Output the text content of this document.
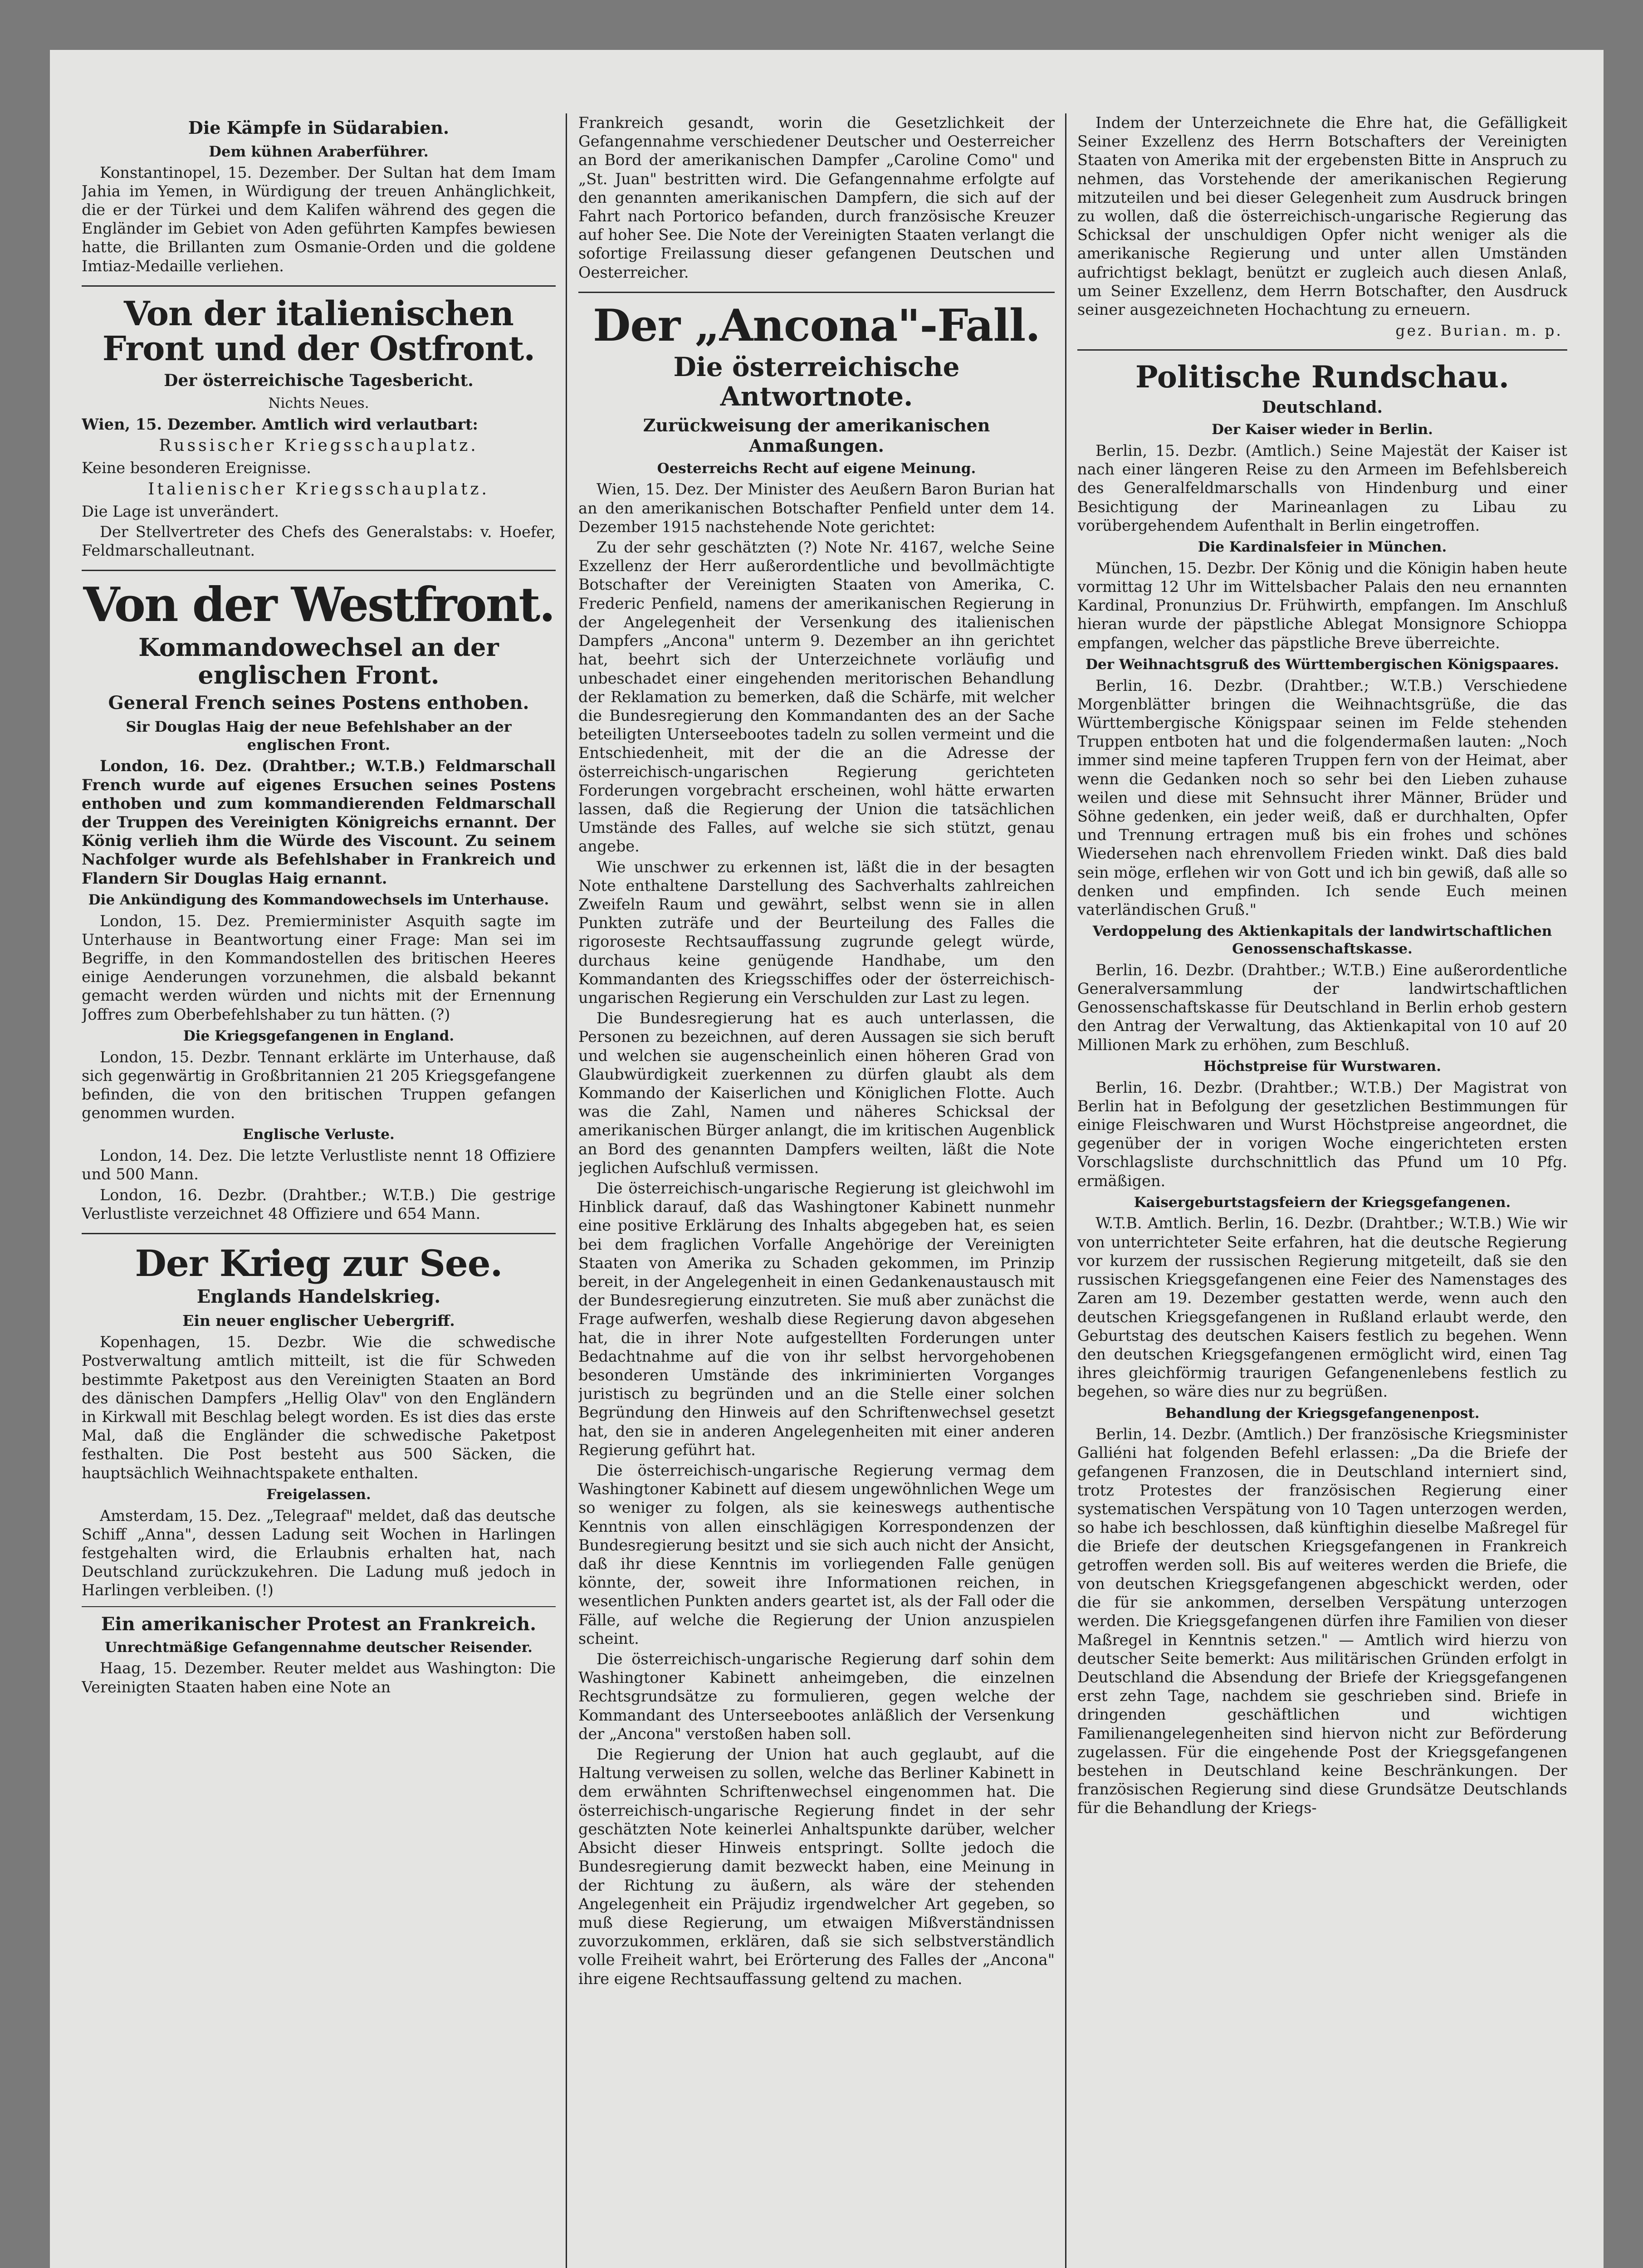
Die Kämpfe in Südarabien.
Dem kühnen Araberführer.

Konstantinopel, 15. Dezember. Der Sultan hat dem Imam Jahia im Yemen, in Würdigung der treuen Anhänglichkeit, die er der Türkei und dem Kalifen während des gegen die Engländer im Gebiet von Aden geführten Kampfes bewiesen hatte, die Brillanten zum Osmanie-Orden und die goldene Imtiaz-Medaille verliehen.

Von der italienischen Front und der Ostfront.
Der österreichische Tagesbericht.
Nichts Neues.

Wien, 15. Dezember. Amtlich wird verlautbart:

Russischer Kriegsschauplatz.

Keine besonderen Ereignisse.

Italienischer Kriegsschauplatz.

Die Lage ist unverändert.

Der Stellvertreter des Chefs des Generalstabs: v. Hoefer, Feldmarschalleutnant.

Von der Westfront.
Kommandowechsel an der englischen Front.
General French seines Postens enthoben.
Sir Douglas Haig der neue Befehlshaber an der englischen Front.

London, 16. Dez. (Drahtber.; W.T.B.) Feldmarschall French wurde auf eigenes Ersuchen seines Postens enthoben und zum kommandierenden Feldmarschall der Truppen des Vereinigten Königreichs ernannt. Der König verlieh ihm die Würde des Viscount. Zu seinem Nachfolger wurde als Befehlshaber in Frankreich und Flandern Sir Douglas Haig ernannt.

Die Ankündigung des Kommandowechsels im Unterhause.

London, 15. Dez. Premierminister Asquith sagte im Unterhause in Beantwortung einer Frage: Man sei im Begriffe, in den Kommandostellen des britischen Heeres einige Aenderungen vorzunehmen, die alsbald bekannt gemacht werden würden und nichts mit der Ernennung Joffres zum Oberbefehlshaber zu tun hätten. (?)

Die Kriegsgefangenen in England.

London, 15. Dezbr. Tennant erklärte im Unterhause, daß sich gegenwärtig in Großbritannien 21 205 Kriegsgefangene befinden, die von den britischen Truppen gefangen genommen wurden.

Englische Verluste.

London, 14. Dez. Die letzte Verlustliste nennt 18 Offiziere und 500 Mann.

London, 16. Dezbr. (Drahtber.; W.T.B.) Die gestrige Verlustliste verzeichnet 48 Offiziere und 654 Mann.

Der Krieg zur See.
Englands Handelskrieg.
Ein neuer englischer Uebergriff.

Kopenhagen, 15. Dezbr. Wie die schwedische Postverwaltung amtlich mitteilt, ist die für Schweden bestimmte Paketpost aus den Vereinigten Staaten an Bord des dänischen Dampfers „Hellig Olav" von den Engländern in Kirkwall mit Beschlag belegt worden. Es ist dies das erste Mal, daß die Engländer die schwedische Paketpost festhalten. Die Post besteht aus 500 Säcken, die hauptsächlich Weihnachtspakete enthalten.

Freigelassen.

Amsterdam, 15. Dez. „Telegraaf" meldet, daß das deutsche Schiff „Anna", dessen Ladung seit Wochen in Harlingen festgehalten wird, die Erlaubnis erhalten hat, nach Deutschland zurückzukehren. Die Ladung muß jedoch in Harlingen verbleiben. (!)

Ein amerikanischer Protest an Frankreich.
Unrechtmäßige Gefangennahme deutscher Reisender.

Haag, 15. Dezember. Reuter meldet aus Washington: Die Vereinigten Staaten haben eine Note an

Frankreich gesandt, worin die Gesetzlichkeit der Gefangennahme verschiedener Deutscher und Oesterreicher an Bord der amerikanischen Dampfer „Caroline Como" und „St. Juan" bestritten wird. Die Gefangennahme erfolgte auf den genannten amerikanischen Dampfern, die sich auf der Fahrt nach Portorico befanden, durch französische Kreuzer auf hoher See. Die Note der Vereinigten Staaten verlangt die sofortige Freilassung dieser gefangenen Deutschen und Oesterreicher.

Der „Ancona"-Fall.
Die österreichische Antwortnote.
Zurückweisung der amerikanischen Anmaßungen.
Oesterreichs Recht auf eigene Meinung.

Wien, 15. Dez. Der Minister des Aeußern Baron Burian hat an den amerikanischen Botschafter Penfield unter dem 14. Dezember 1915 nachstehende Note gerichtet:

Zu der sehr geschätzten (?) Note Nr. 4167, welche Seine Exzellenz der Herr außerordentliche und bevollmächtigte Botschafter der Vereinigten Staaten von Amerika, C. Frederic Penfield, namens der amerikanischen Regierung in der Angelegenheit der Versenkung des italienischen Dampfers „Ancona" unterm 9. Dezember an ihn gerichtet hat, beehrt sich der Unterzeichnete vorläufig und unbeschadet einer eingehenden meritorischen Behandlung der Reklamation zu bemerken, daß die Schärfe, mit welcher die Bundesregierung den Kommandanten des an der Sache beteiligten Unterseebootes tadeln zu sollen vermeint und die Entschiedenheit, mit der die an die Adresse der österreichisch-ungarischen Regierung gerichteten Forderungen vorgebracht erscheinen, wohl hätte erwarten lassen, daß die Regierung der Union die tatsächlichen Umstände des Falles, auf welche sie sich stützt, genau angebe.

Wie unschwer zu erkennen ist, läßt die in der besagten Note enthaltene Darstellung des Sachverhalts zahlreichen Zweifeln Raum und gewährt, selbst wenn sie in allen Punkten zuträfe und der Beurteilung des Falles die rigoroseste Rechtsauffassung zugrunde gelegt würde, durchaus keine genügende Handhabe, um den Kommandanten des Kriegsschiffes oder der österreichisch-ungarischen Regierung ein Verschulden zur Last zu legen.

Die Bundesregierung hat es auch unterlassen, die Personen zu bezeichnen, auf deren Aussagen sie sich beruft und welchen sie augenscheinlich einen höheren Grad von Glaubwürdigkeit zuerkennen zu dürfen glaubt als dem Kommando der Kaiserlichen und Königlichen Flotte. Auch was die Zahl, Namen und näheres Schicksal der amerikanischen Bürger anlangt, die im kritischen Augenblick an Bord des genannten Dampfers weilten, läßt die Note jeglichen Aufschluß vermissen.

Die österreichisch-ungarische Regierung ist gleichwohl im Hinblick darauf, daß das Washingtoner Kabinett nunmehr eine positive Erklärung des Inhalts abgegeben hat, es seien bei dem fraglichen Vorfalle Angehörige der Vereinigten Staaten von Amerika zu Schaden gekommen, im Prinzip bereit, in der Angelegenheit in einen Gedankenaustausch mit der Bundesregierung einzutreten. Sie muß aber zunächst die Frage aufwerfen, weshalb diese Regierung davon abgesehen hat, die in ihrer Note aufgestellten Forderungen unter Bedachtnahme auf die von ihr selbst hervorgehobenen besonderen Umstände des inkriminierten Vorganges juristisch zu begründen und an die Stelle einer solchen Begründung den Hinweis auf den Schriftenwechsel gesetzt hat, den sie in anderen Angelegenheiten mit einer anderen Regierung geführt hat.

Die österreichisch-ungarische Regierung vermag dem Washingtoner Kabinett auf diesem ungewöhnlichen Wege um so weniger zu folgen, als sie keineswegs authentische Kenntnis von allen einschlägigen Korrespondenzen der Bundesregierung besitzt und sie sich auch nicht der Ansicht, daß ihr diese Kenntnis im vorliegenden Falle genügen könnte, der, soweit ihre Informationen reichen, in wesentlichen Punkten anders geartet ist, als der Fall oder die Fälle, auf welche die Regierung der Union anzuspielen scheint.

Die österreichisch-ungarische Regierung darf sohin dem Washingtoner Kabinett anheimgeben, die einzelnen Rechtsgrundsätze zu formulieren, gegen welche der Kommandant des Unterseebootes anläßlich der Versenkung der „Ancona" verstoßen haben soll.

Die Regierung der Union hat auch geglaubt, auf die Haltung verweisen zu sollen, welche das Berliner Kabinett in dem erwähnten Schriftenwechsel eingenommen hat. Die österreichisch-ungarische Regierung findet in der sehr geschätzten Note keinerlei Anhaltspunkte darüber, welcher Absicht dieser Hinweis entspringt. Sollte jedoch die Bundesregierung damit bezweckt haben, eine Meinung in der Richtung zu äußern, als wäre der stehenden Angelegenheit ein Präjudiz irgendwelcher Art gegeben, so muß diese Regierung, um etwaigen Mißverständnissen zuvorzukommen, erklären, daß sie sich selbstverständlich volle Freiheit wahrt, bei Erörterung des Falles der „Ancona" ihre eigene Rechtsauffassung geltend zu machen.

Indem der Unterzeichnete die Ehre hat, die Gefälligkeit Seiner Exzellenz des Herrn Botschafters der Vereinigten Staaten von Amerika mit der ergebensten Bitte in Anspruch zu nehmen, das Vorstehende der amerikanischen Regierung mitzuteilen und bei dieser Gelegenheit zum Ausdruck bringen zu wollen, daß die österreichisch-ungarische Regierung das Schicksal der unschuldigen Opfer nicht weniger als die amerikanische Regierung und unter allen Umständen aufrichtigst beklagt, benützt er zugleich auch diesen Anlaß, um Seiner Exzellenz, dem Herrn Botschafter, den Ausdruck seiner ausgezeichneten Hochachtung zu erneuern.

gez. Burian. m. p.
Politische Rundschau.
Deutschland.
Der Kaiser wieder in Berlin.

Berlin, 15. Dezbr. (Amtlich.) Seine Majestät der Kaiser ist nach einer längeren Reise zu den Armeen im Befehlsbereich des Generalfeldmarschalls von Hindenburg und einer Besichtigung der Marineanlagen zu Libau zu vorübergehendem Aufenthalt in Berlin eingetroffen.

Die Kardinalsfeier in München.

München, 15. Dezbr. Der König und die Königin haben heute vormittag 12 Uhr im Wittelsbacher Palais den neu ernannten Kardinal, Pronunzius Dr. Frühwirth, empfangen. Im Anschluß hieran wurde der päpstliche Ablegat Monsignore Schioppa empfangen, welcher das päpstliche Breve überreichte.

Der Weihnachtsgruß des Württembergischen Königspaares.

Berlin, 16. Dezbr. (Drahtber.; W.T.B.) Verschiedene Morgenblätter bringen die Weihnachtsgrüße, die das Württembergische Königspaar seinen im Felde stehenden Truppen entboten hat und die folgendermaßen lauten: „Noch immer sind meine tapferen Truppen fern von der Heimat, aber wenn die Gedanken noch so sehr bei den Lieben zuhause weilen und diese mit Sehnsucht ihrer Männer, Brüder und Söhne gedenken, ein jeder weiß, daß er durchhalten, Opfer und Trennung ertragen muß bis ein frohes und schönes Wiedersehen nach ehrenvollem Frieden winkt. Daß dies bald sein möge, erflehen wir von Gott und ich bin gewiß, daß alle so denken und empfinden. Ich sende Euch meinen vaterländischen Gruß."

Verdoppelung des Aktienkapitals der landwirtschaftlichen Genossenschaftskasse.

Berlin, 16. Dezbr. (Drahtber.; W.T.B.) Eine außerordentliche Generalversammlung der landwirtschaftlichen Genossenschaftskasse für Deutschland in Berlin erhob gestern den Antrag der Verwaltung, das Aktienkapital von 10 auf 20 Millionen Mark zu erhöhen, zum Beschluß.

Höchstpreise für Wurstwaren.

Berlin, 16. Dezbr. (Drahtber.; W.T.B.) Der Magistrat von Berlin hat in Befolgung der gesetzlichen Bestimmungen für einige Fleischwaren und Wurst Höchstpreise angeordnet, die gegenüber der in vorigen Woche eingerichteten ersten Vorschlagsliste durchschnittlich das Pfund um 10 Pfg. ermäßigen.

Kaisergeburtstagsfeiern der Kriegsgefangenen.

W.T.B. Amtlich. Berlin, 16. Dezbr. (Drahtber.; W.T.B.) Wie wir von unterrichteter Seite erfahren, hat die deutsche Regierung vor kurzem der russischen Regierung mitgeteilt, daß sie den russischen Kriegsgefangenen eine Feier des Namenstages des Zaren am 19. Dezember gestatten werde, wenn auch den deutschen Kriegsgefangenen in Rußland erlaubt werde, den Geburtstag des deutschen Kaisers festlich zu begehen. Wenn den deutschen Kriegsgefangenen ermöglicht wird, einen Tag ihres gleichförmig traurigen Gefangenenlebens festlich zu begehen, so wäre dies nur zu begrüßen.

Behandlung der Kriegsgefangenenpost.

Berlin, 14. Dezbr. (Amtlich.) Der französische Kriegsminister Galliéni hat folgenden Befehl erlassen: „Da die Briefe der gefangenen Franzosen, die in Deutschland interniert sind, trotz Protestes der französischen Regierung einer systematischen Verspätung von 10 Tagen unterzogen werden, so habe ich beschlossen, daß künftighin dieselbe Maßregel für die Briefe der deutschen Kriegsgefangenen in Frankreich getroffen werden soll. Bis auf weiteres werden die Briefe, die von deutschen Kriegsgefangenen abgeschickt werden, oder die für sie ankommen, derselben Verspätung unterzogen werden. Die Kriegsgefangenen dürfen ihre Familien von dieser Maßregel in Kenntnis setzen." — Amtlich wird hierzu von deutscher Seite bemerkt: Aus militärischen Gründen erfolgt in Deutschland die Absendung der Briefe der Kriegsgefangenen erst zehn Tage, nachdem sie geschrieben sind. Briefe in dringenden geschäftlichen und wichtigen Familienangelegenheiten sind hiervon nicht zur Beförderung zugelassen. Für die eingehende Post der Kriegsgefangenen bestehen in Deutschland keine Beschränkungen. Der französischen Regierung sind diese Grundsätze Deutschlands für die Behandlung der Kriegs-
